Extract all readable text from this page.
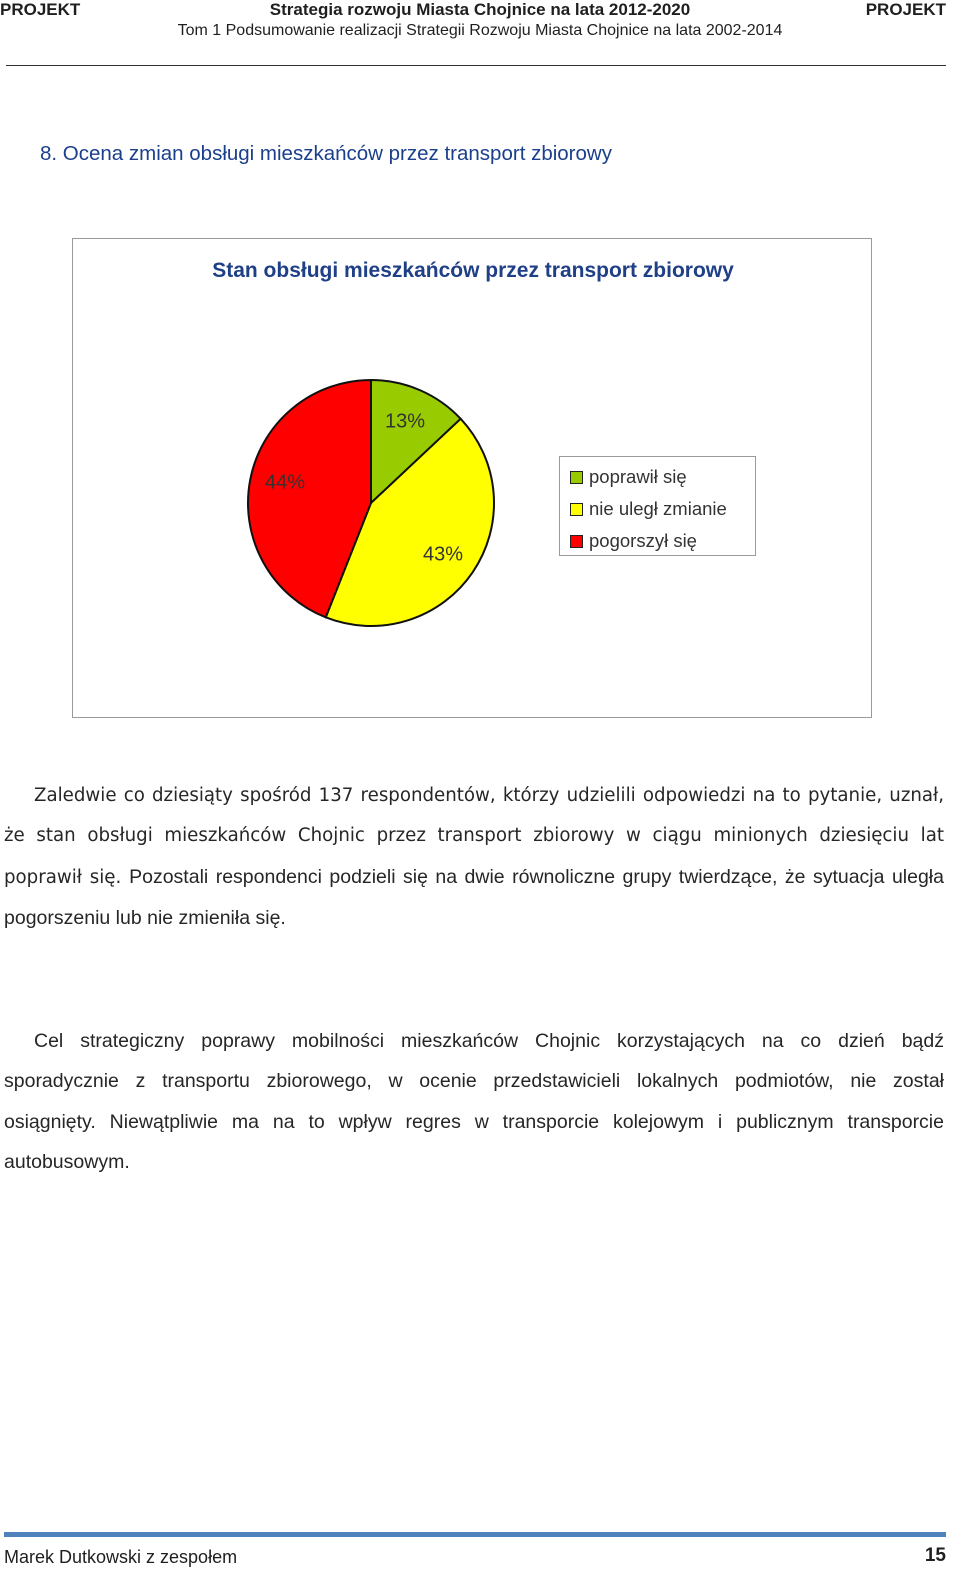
PROJEKT	Strategia rozwoju Miasta Chojnice na lata 2012-2020	PROJEKT
Tom 1 Podsumowanie realizacji Strategii Rozwoju Miasta Chojnice na lata 2002-2014
8. Ocena zmian obsługi mieszkańców przez transport zbiorowy
Stan obsługi mieszkańców przez transport zbiorowy
13%
43%
44%	poprawił się
nie uległ zmianie
pogorszył się

Zaledwie co dziesiąty spośród 137 respondentów, którzy udzielili odpowiedzi na to pytanie, uznał, że stan obsługi mieszkańców Chojnic przez transport zbiorowy w ciągu minionych dziesięciu lat poprawił się. Pozostali respondenci podzieli się na dwie równoliczne grupy twierdzące, że sytuacja uległa pogorszeniu lub nie zmieniła się.

Cel strategiczny poprawy mobilności mieszkańców Chojnic korzystających na co dzień bądź sporadycznie z transportu zbiorowego, w ocenie przedstawicieli lokalnych podmiotów, nie został osiągnięty. Niewątpliwie ma na to wpływ regres w transporcie kolejowym i publicznym transporcie autobusowym.

Marek Dutkowski z zespołem	15
